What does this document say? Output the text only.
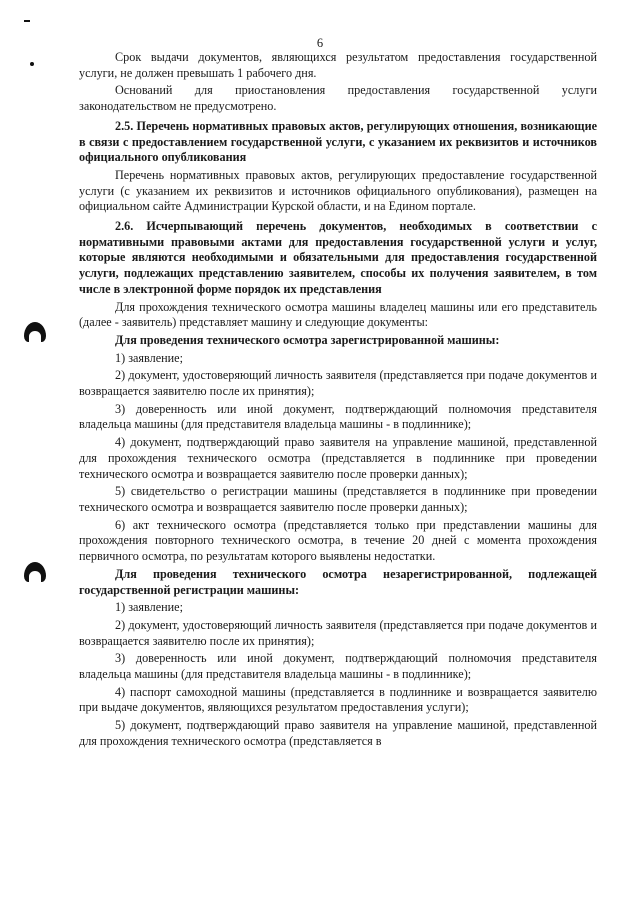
6

Срок выдачи документов, являющихся результатом предоставления государственной услуги, не должен превышать 1 рабочего дня.

Оснований для приостановления предоставления государственной услуги законодательством не предусмотрено.

2.5. Перечень нормативных правовых актов, регулирующих отношения, возникающие в связи с предоставлением государственной услуги, с указанием их реквизитов и источников официального опубликования

Перечень нормативных правовых актов, регулирующих предоставление государственной услуги (с указанием их реквизитов и источников официального опубликования), размещен на официальном сайте Администрации Курской области, и на Едином портале.

2.6. Исчерпывающий перечень документов, необходимых в соответствии с нормативными правовыми актами для предоставления государственной услуги и услуг, которые являются необходимыми и обязательными для предоставления государственной услуги, подлежащих представлению заявителем, способы их получения заявителем, в том числе в электронной форме порядок их представления

Для прохождения технического осмотра машины владелец машины или его представитель (далее - заявитель) представляет машину и следующие документы:

Для проведения технического осмотра зарегистрированной машины:

1) заявление;

2) документ, удостоверяющий личность заявителя (представляется при подаче документов и возвращается заявителю после их принятия);

3) доверенность или иной документ, подтверждающий полномочия представителя владельца машины (для представителя владельца машины - в подлиннике);

4) документ, подтверждающий право заявителя на управление машиной, представленной для прохождения технического осмотра (представляется в подлиннике при проведении технического осмотра и возвращается заявителю после проверки данных);

5) свидетельство о регистрации машины (представляется в подлиннике при проведении технического осмотра и возвращается заявителю после проверки данных);

6) акт технического осмотра (представляется только при представлении машины для прохождения повторного технического осмотра, в течение 20 дней с момента прохождения первичного осмотра, по результатам которого выявлены недостатки.

Для проведения технического осмотра незарегистрированной, подлежащей государственной регистрации машины:

1) заявление;

2) документ, удостоверяющий личность заявителя (представляется при подаче документов и возвращается заявителю после их принятия);

3) доверенность или иной документ, подтверждающий полномочия представителя владельца машины (для представителя владельца машины - в подлиннике);

4) паспорт самоходной машины (представляется в подлиннике и возвращается заявителю при выдаче документов, являющихся результатом предоставления услуги);

5) документ, подтверждающий право заявителя на управление машиной, представленной для прохождения технического осмотра (представляется в
